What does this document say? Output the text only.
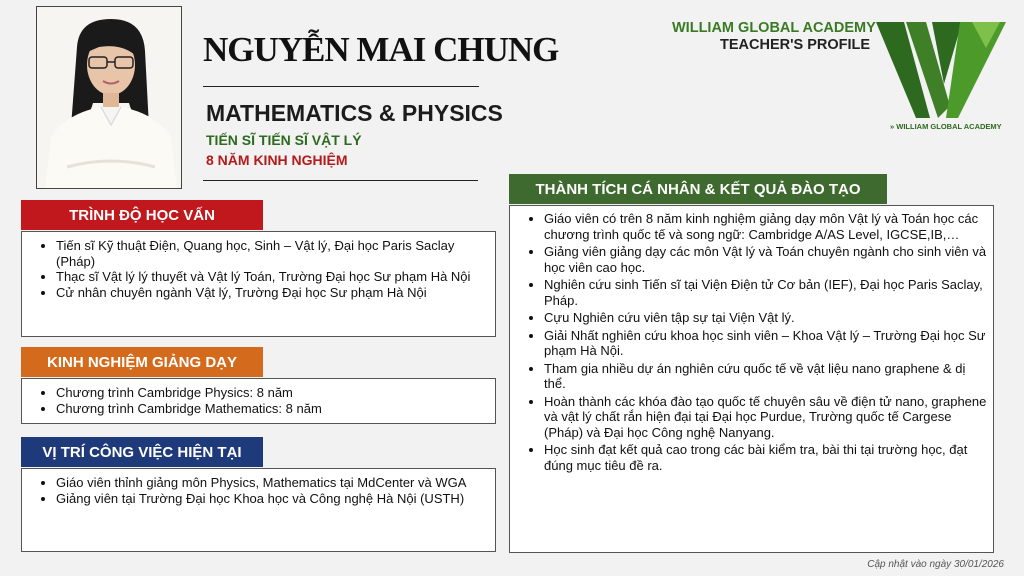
NGUYỄN MAI CHUNG
MATHEMATICS & PHYSICS
TIẾN SĨ TIẾN SĨ VẬT LÝ
8 NĂM KINH NGHIỆM
WILLIAM GLOBAL ACADEMY
TEACHER'S PROFILE
» WILLIAM GLOBAL ACADEMY
TRÌNH ĐỘ HỌC VẤN
• Tiến sĩ Kỹ thuật Điện, Quang học, Sinh – Vật lý, Đại học Paris Saclay (Pháp)
• Thạc sĩ Vật lý lý thuyết và Vật lý Toán, Trường Đại học Sư phạm Hà Nội
• Cử nhân chuyên ngành Vật lý, Trường Đại học Sư phạm Hà Nội
KINH NGHIỆM GIẢNG DẠY
• Chương trình Cambridge Physics: 8 năm
• Chương trình Cambridge Mathematics: 8 năm
VỊ TRÍ CÔNG VIỆC HIỆN TẠI
• Giáo viên thỉnh giảng môn Physics, Mathematics tại MdCenter và WGA
• Giảng viên tại Trường Đại học Khoa học và Công nghệ Hà Nội (USTH)
THÀNH TÍCH CÁ NHÂN & KẾT QUẢ ĐÀO TẠO
• Giáo viên có trên 8 năm kinh nghiệm giảng dạy môn Vật lý và Toán học các chương trình quốc tế và song ngữ: Cambridge A/AS Level, IGCSE,IB,…
• Giảng viên giảng dạy các môn Vật lý và Toán chuyên ngành cho sinh viên và học viên cao học.
• Nghiên cứu sinh Tiến sĩ tại Viện Điện tử Cơ bản (IEF), Đại học Paris Saclay, Pháp.
• Cựu Nghiên cứu viên tập sự tại Viện Vật lý.
• Giải Nhất nghiên cứu khoa học sinh viên – Khoa Vật lý – Trường Đại học Sư phạm Hà Nội.
• Tham gia nhiều dự án nghiên cứu quốc tế về vật liệu nano graphene & dị thể.
• Hoàn thành các khóa đào tạo quốc tế chuyên sâu về điện tử nano, graphene và vật lý chất rắn hiện đại tại Đại học Purdue, Trường quốc tế Cargese (Pháp) và Đại học Công nghệ Nanyang.
• Học sinh đạt kết quả cao trong các bài kiểm tra, bài thi tại trường học, đạt đúng mục tiêu đề ra.
Cập nhật vào ngày 30/01/2026
